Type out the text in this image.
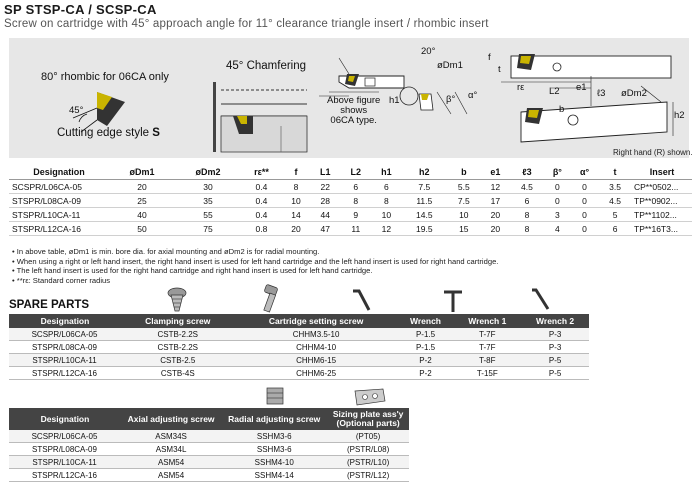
SP STSP-CA / SCSP-CA
Screw on cartridge with 45° approach angle for 11° clearance triangle insert / rhombic insert
80° rhombic for 06CA only
45°
Cutting edge style S
45° Chamfering
20°
øDm1
h1	β° α°
Above figure
shows
06CA type.
f
t
rε	L2 e1
ℓ3 øDm2
h2
b
Right hand (R) shown.
Designation	øDm1	øDm2	rε**	f	L1	L2	h1	h2	b	e1	ℓ3	β°	α°	t	Insert
SCSPR/L06CA-05	20	30	0.4	8	22	6	6	7.5	5.5	12	4.5	0	0	3.5	CP**0502...
STSPR/L08CA-09	25	35	0.4	10	28	8	8	11.5	7.5	17	6	0	0	4.5	TP**0902...
STSPR/L10CA-11	40	55	0.4	14	44	9	10	14.5	10	20	8	3	0	5	TP**1102...
STSPR/L12CA-16	50	75	0.8	20	47	11	12	19.5	15	20	8	4	0	6	TP**16T3...
• In above table, øDm1 is min. bore dia. for axial mounting and øDm2 is for radial mounting.
• When using a right or left hand insert, the right hand insert is used for left hand cartridge and the left hand insert is used for right hand cartridge.
• The left hand insert is used for the right hand cartridge and right hand insert is used for left hand cartridge.
• **rε: Standard corner radius
SPARE PARTS
Designation	Clamping screw	Cartridge setting screw	Wrench	Wrench 1	Wrench 2
SCSPR/L06CA-05	CSTB-2.2S	CHHM3.5-10	P-1.5	T-7F	P-3
STSPR/L08CA-09	CSTB-2.2S	CHHM4-10	P-1.5	T-7F	P-3
STSPR/L10CA-11	CSTB-2.5	CHHM6-15	P-2	T-8F	P-5
STSPR/L12CA-16	CSTB-4S	CHHM6-25	P-2	T-15F	P-5
Designation	Axial adjusting screw	Radial adjusting screw	Sizing plate ass'y
(Optional parts)

SCSPR/L06CA-05	ASM34S	SSHM3-6	(PT05)
STSPR/L08CA-09	ASM34L	SSHM3-6	(PSTR/L08)
STSPR/L10CA-11	ASM54	SSHM4-10	(PSTR/L10)
STSPR/L12CA-16	ASM54	SSHM4-14	(PSTR/L12)
